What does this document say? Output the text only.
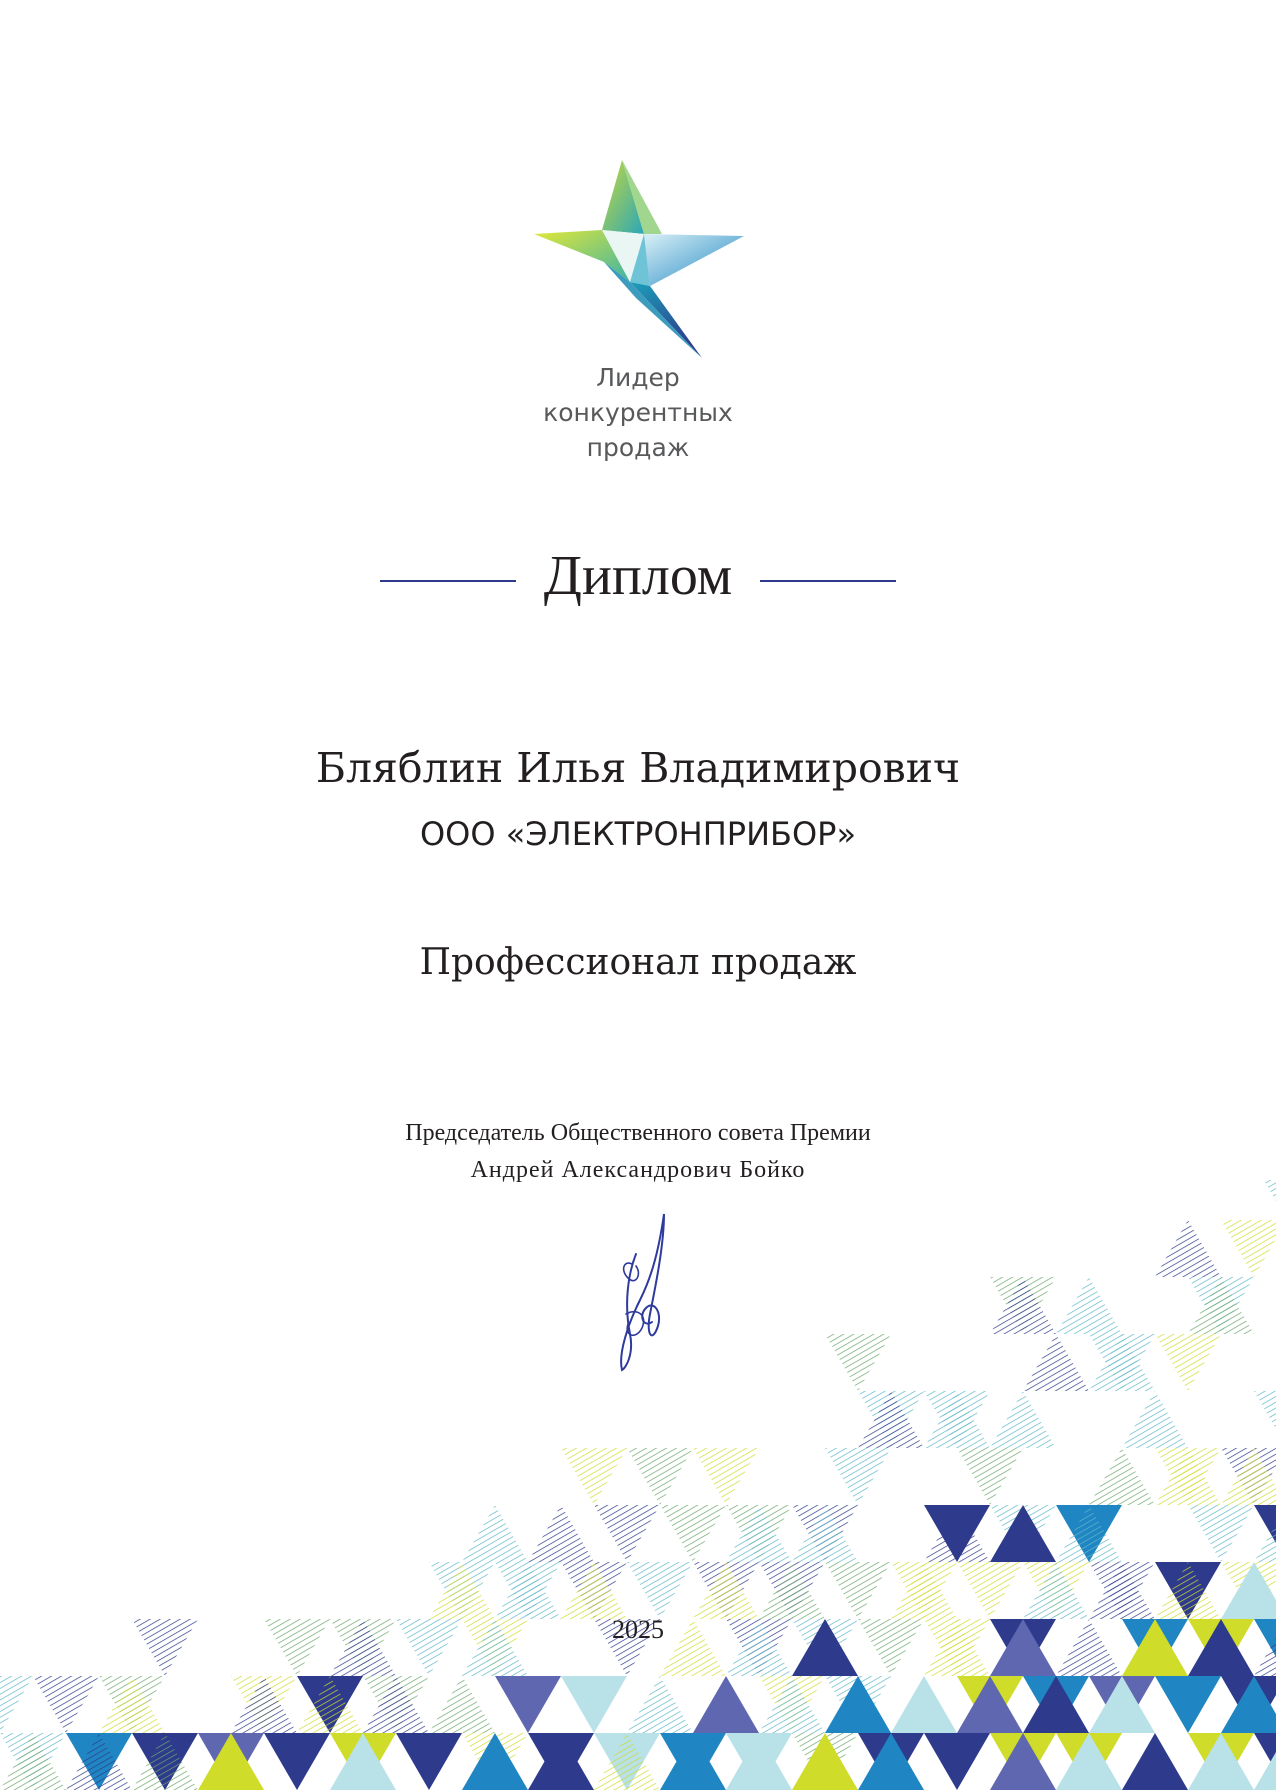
Лидер
конкурентных
продаж
Диплом
Бляблин Илья Владимирович
ООО «ЭЛЕКТРОНПРИБОР»
Профессионал продаж
Председатель Общественного совета Премии
Андрей Александрович Бойко
2025
